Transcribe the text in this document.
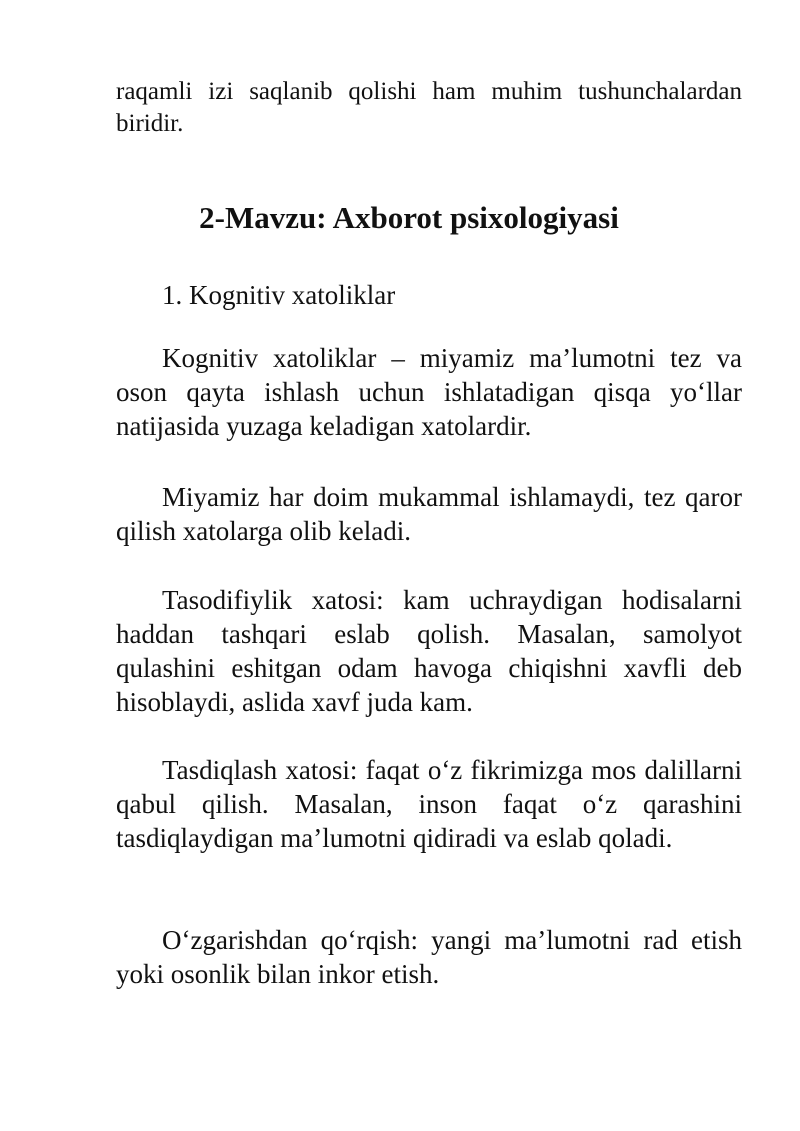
raqamli izi saqlanib qolishi ham muhim tushunchalardan biridir.

2-Mavzu: Axborot psixologiyasi

1. Kognitiv xatoliklar

Kognitiv xatoliklar – miyamiz ma’lumotni tez va oson qayta ishlash uchun ishlatadigan qisqa yo‘llar natijasida yuzaga keladigan xatolardir.

Miyamiz har doim mukammal ishlamaydi, tez qaror qilish xatolarga olib keladi.

Tasodifiylik xatosi: kam uchraydigan hodisalarni haddan tashqari eslab qolish. Masalan, samolyot qulashini eshitgan odam havoga chiqishni xavfli deb hisoblaydi, aslida xavf juda kam.

Tasdiqlash xatosi: faqat o‘z fikrimizga mos dalillarni qabul qilish. Masalan, inson faqat o‘z qarashini tasdiqlaydigan ma’lumotni qidiradi va eslab qoladi.

O‘zgarishdan qo‘rqish: yangi ma’lumotni rad etish yoki osonlik bilan inkor etish.
